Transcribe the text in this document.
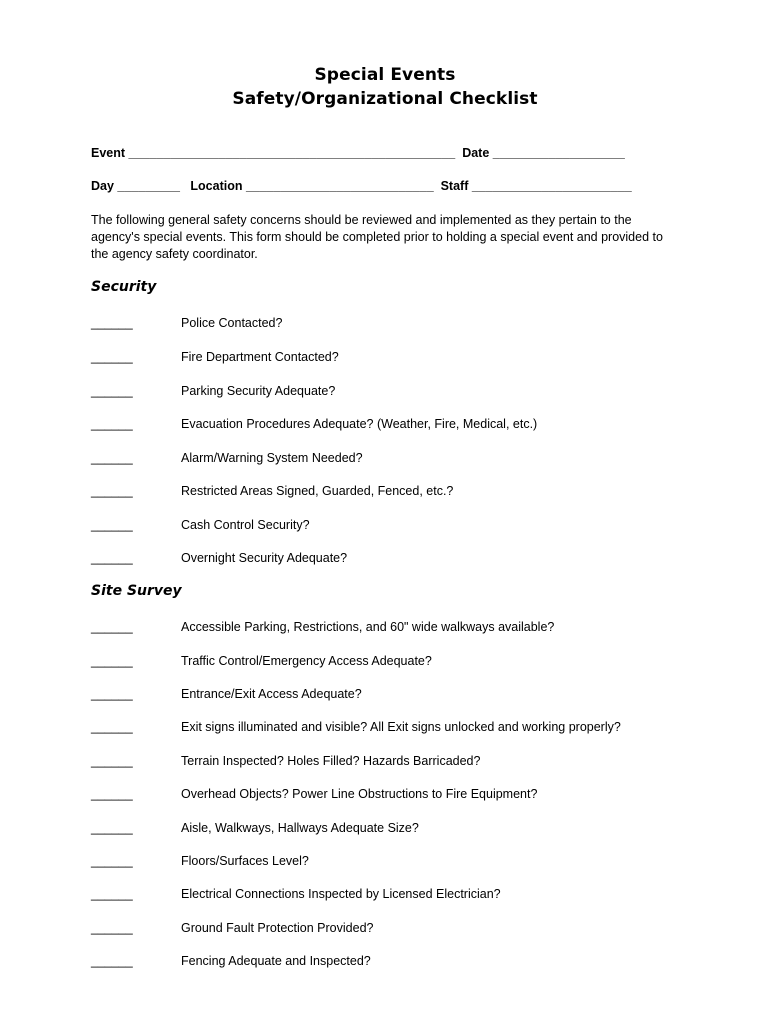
Special Events
Safety/Organizational Checklist
Event _______________________________________________  Date ___________________
Day _________   Location ___________________________  Staff _______________________
The following general safety concerns should be reviewed and implemented as they pertain to the agency's special events. This form should be completed prior to holding a special event and provided to the agency safety coordinator.
Security
______	Police Contacted?
______	Fire Department Contacted?
______	Parking Security Adequate?
______	Evacuation Procedures Adequate? (Weather, Fire, Medical, etc.)
______	Alarm/Warning System Needed?
______	Restricted Areas Signed, Guarded, Fenced, etc.?
______	Cash Control Security?
______	Overnight Security Adequate?
Site Survey
______	Accessible Parking, Restrictions, and 60" wide walkways available?
______	Traffic Control/Emergency Access Adequate?
______	Entrance/Exit Access Adequate?
______	Exit signs illuminated and visible? All Exit signs unlocked and working properly?
______	Terrain Inspected? Holes Filled? Hazards Barricaded?
______	Overhead Objects? Power Line Obstructions to Fire Equipment?
______	Aisle, Walkways, Hallways Adequate Size?
______	Floors/Surfaces Level?
______	Electrical Connections Inspected by Licensed Electrician?
______	Ground Fault Protection Provided?
______	Fencing Adequate and Inspected?
